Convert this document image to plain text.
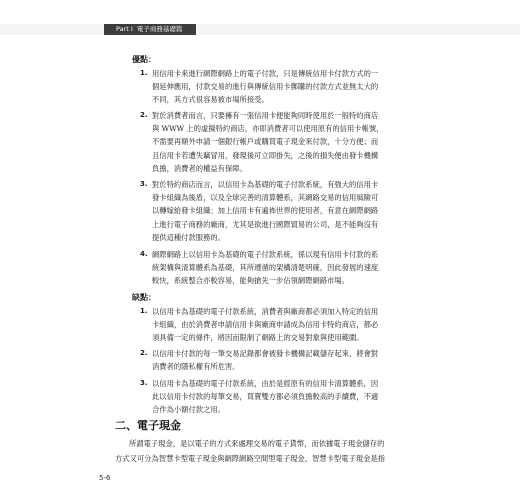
Part I 電子商務基礎篇
優點：
1. 用信用卡來進行網際網路上的電子付款，只是傳統信用卡付款方式的一
個延伸應用，付款交易的進行與傳統信用卡郵購的付款方式並無太大的
不同，其方式很容易被市場所接受。
2. 對於消費者而言，只要擁有一張信用卡便能夠同時使用於一般特約商店
與 WWW 上的虛擬特約商店，亦即消費者可以使用原有的信用卡帳號，
不需要再額外申請一個銀行帳戶或購買電子現金來付款，十分方便；而
且信用卡若遭失竊冒用，發現後可立即掛失，之後的損失便由發卡機構
負擔，消費者的權益有保障。
3. 對於特約商店而言，以信用卡為基礎的電子付款系統，有強大的信用卡
發卡組織為後盾，以及全球完善的清算體系，其網路交易的信用風險可
以轉嫁給發卡組織；加上信用卡有遍佈世界的使用者，有意在網際網路
上進行電子商務的廠商，尤其是欲進行國際貿易的公司，是不能夠沒有
提供這種付款服務的。
4. 網際網路上以信用卡為基礎的電子付款系統，係以現有信用卡付款的系
統架構與清算體系為基礎，其所遵循的架構清楚明確，因此發展的速度
較快，系統整合亦較容易，能夠搶先一步佔領網際網路市場。
缺點：
1. 以信用卡為基礎的電子付款系統，消費者與廠商都必須加入特定的信用
卡組織，由於消費者申請信用卡與廠商申請成為信用卡特約商店，都必
須具備一定的條件，將因而限制了網路上的交易對象與使用範圍。
2. 以信用卡付款的每一筆交易記錄都會被發卡機構記載儲存起來，將會對
消費者的隱私權有所危害。
3. 以信用卡為基礎的電子付款系統，由於是經原有的信用卡清算體系，因
此以信用卡付款的每筆交易，買賣雙方都必須負擔較高的手續費，不適
合作為小額付款之用。
二、電子現金
所謂電子現金，是以電子的方式來處理交易的電子貨幣，而依據電子現金儲存的
方式又可分為智慧卡型電子現金與網際網路空間型電子現金，智慧卡型電子現金是指
5-6
